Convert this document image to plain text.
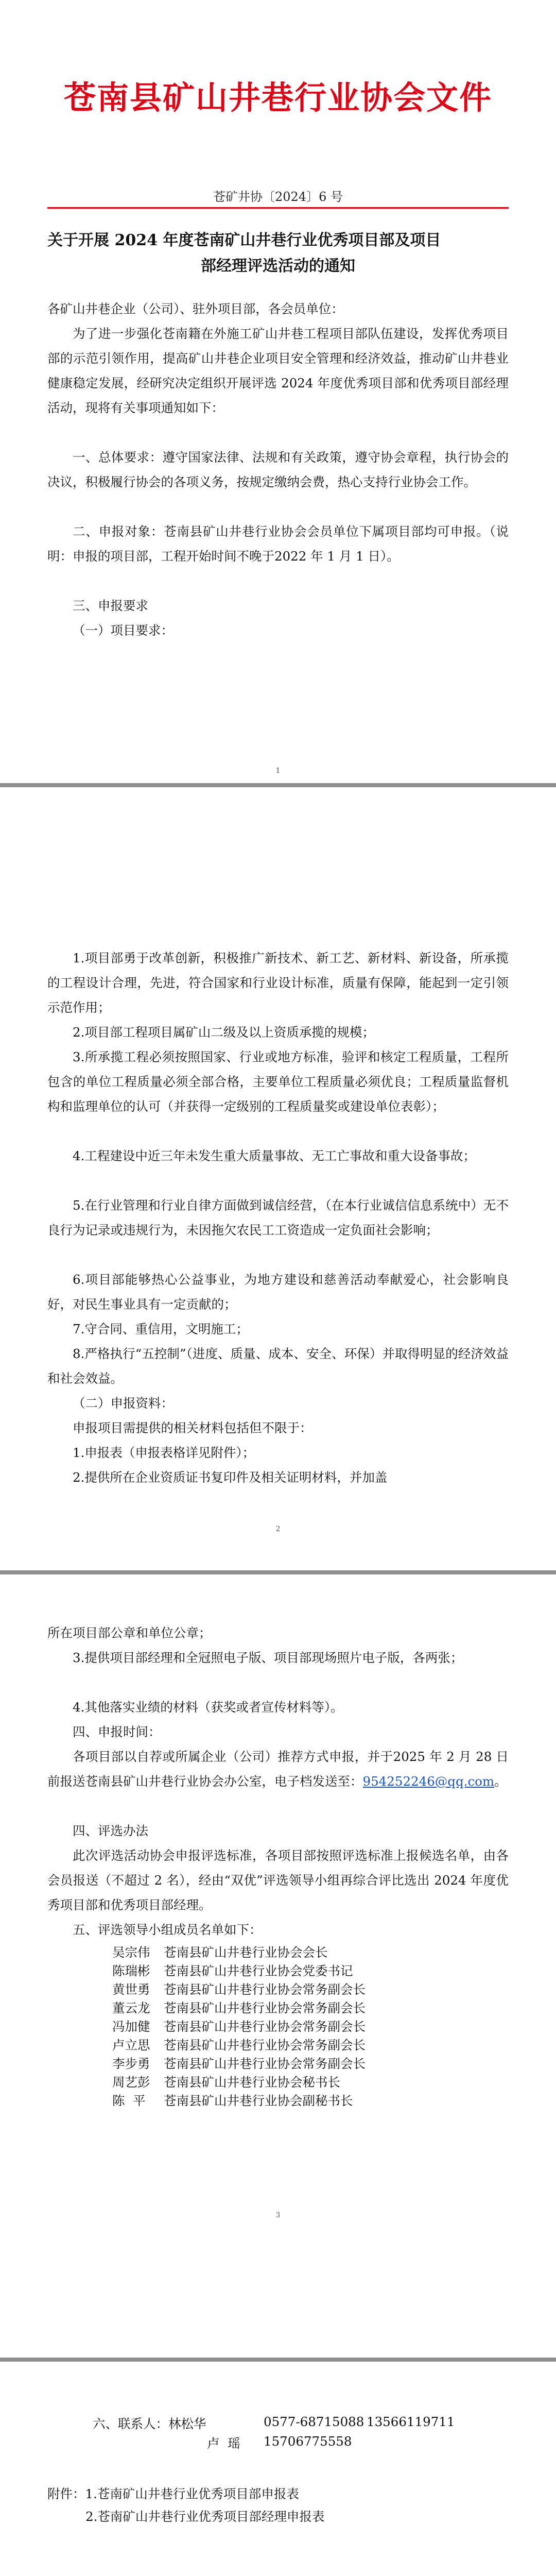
苍南县矿山井巷行业协会文件
苍矿井协〔2024〕6 号
关于开展 2024 年度苍南矿山井巷行业优秀项目部及项目
部经理评选活动的通知
各矿山井巷企业（公司）、驻外项目部，各会员单位：
为了进一步强化苍南籍在外施工矿山井巷工程项目部队伍建设，发挥优秀项目部的示范引领作用，提高矿山井巷企业项目安全管理和经济效益，推动矿山井巷业健康稳定发展，经研究决定组织开展评选 2024 年度优秀项目部和优秀项目部经理活动，现将有关事项通知如下：
一、总体要求：遵守国家法律、法规和有关政策，遵守协会章程，执行协会的决议，积极履行协会的各项义务，按规定缴纳会费，热心支持行业协会工作。
二、申报对象：苍南县矿山井巷行业协会会员单位下属项目部均可申报。（说明：申报的项目部，工程开始时间不晚于2022 年 1 月 1 日）。
三、申报要求
（一）项目要求：
1
1.项目部勇于改革创新，积极推广新技术、新工艺、新材料、新设备，所承揽的工程设计合理，先进，符合国家和行业设计标准，质量有保障，能起到一定引领示范作用；
2.项目部工程项目属矿山二级及以上资质承揽的规模；
3.所承揽工程必须按照国家、行业或地方标准，验评和核定工程质量，工程所包含的单位工程质量必须全部合格，主要单位工程质量必须优良；工程质量监督机构和监理单位的认可（并获得一定级别的工程质量奖或建设单位表彰）；
4.工程建设中近三年未发生重大质量事故、无工亡事故和重大设备事故；
5.在行业管理和行业自律方面做到诚信经营，（在本行业诚信信息系统中）无不良行为记录或违规行为，未因拖欠农民工工资造成一定负面社会影响；
6.项目部能够热心公益事业，为地方建设和慈善活动奉献爱心，社会影响良好，对民生事业具有一定贡献的；
7.守合同、重信用，文明施工；
8.严格执行“五控制”（进度、质量、成本、安全、环保）并取得明显的经济效益和社会效益。
（二）申报资料：
申报项目需提供的相关材料包括但不限于：
1.申报表（申报表格详见附件）；
2.提供所在企业资质证书复印件及相关证明材料，并加盖
2
所在项目部公章和单位公章；
3.提供项目部经理和全冠照电子版、项目部现场照片电子版，各两张；
4.其他落实业绩的材料（获奖或者宣传材料等）。
四、申报时间：
各项目部以自荐或所属企业（公司）推荐方式申报，并于2025 年 2 月 28 日前报送苍南县矿山井巷行业协会办公室，电子档发送至：954252246@qq.com。
四、评选办法
此次评选活动协会申报评选标准，各项目部按照评选标准上报候选名单，由各会员报送（不超过 2 名），经由“双优”评选领导小组再综合评比选出 2024 年度优秀项目部和优秀项目部经理。
五、评选领导小组成员名单如下：
吴宗伟 苍南县矿山井巷行业协会会长
陈瑞彬 苍南县矿山井巷行业协会党委书记
黄世勇 苍南县矿山井巷行业协会常务副会长
董云龙 苍南县矿山井巷行业协会常务副会长
冯加健 苍南县矿山井巷行业协会常务副会长
卢立思 苍南县矿山井巷行业协会常务副会长
李步勇 苍南县矿山井巷行业协会常务副会长
周艺彭 苍南县矿山井巷行业协会秘书长
陈  平 苍南县矿山井巷行业协会副秘书长
3
六、联系人：林松华	0577-68715088 13566119711
卢  瑶 15706775558
附件：1.苍南矿山井巷行业优秀项目部申报表
2.苍南矿山井巷行业优秀项目部经理申报表
